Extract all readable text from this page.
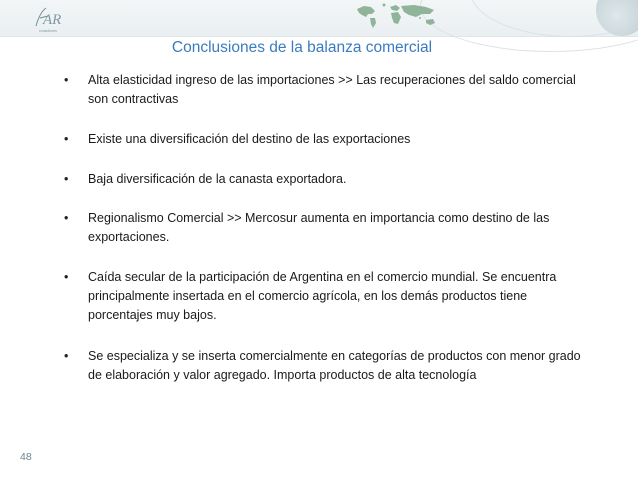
AR
consultores
Conclusiones de la balanza comercial
• Alta elasticidad ingreso de las importaciones >> Las recuperaciones del saldo comercial son contractivas
• Existe una diversificación del destino de las exportaciones
• Baja diversificación de la canasta exportadora.
• Regionalismo Comercial >> Mercosur aumenta en importancia como destino de las exportaciones.
• Caída secular de la participación de Argentina en el comercio mundial. Se encuentra principalmente insertada en el comercio agrícola, en los demás productos tiene porcentajes muy bajos.
• Se especializa y se inserta comercialmente en categorías de productos con menor grado de elaboración y valor agregado. Importa productos de alta tecnología
48
